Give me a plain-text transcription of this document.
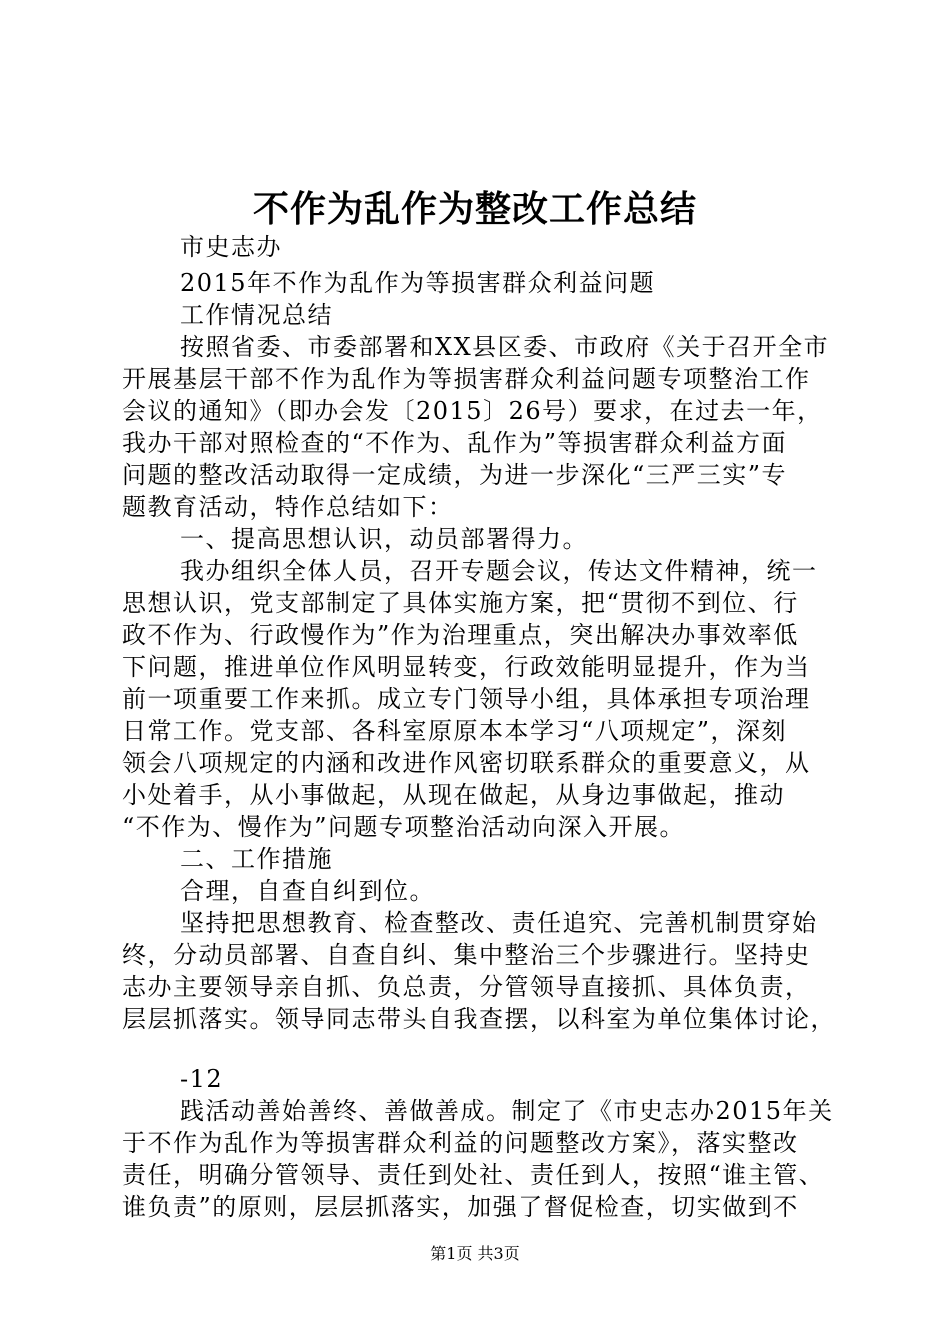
不作为乱作为整改工作总结
市史志办
2015年不作为乱作为等损害群众利益问题
工作情况总结
按照省委、市委部署和XX县区委、市政府《关于召开全市
开展基层干部不作为乱作为等损害群众利益问题专项整治工作
会议的通知》（即办会发〔2015〕26号）要求，在过去一年，
我办干部对照检查的“不作为、乱作为”等损害群众利益方面
问题的整改活动取得一定成绩，为进一步深化“三严三实”专
题教育活动，特作总结如下：
一、提高思想认识，动员部署得力。
我办组织全体人员，召开专题会议，传达文件精神，统一
思想认识，党支部制定了具体实施方案，把“贯彻不到位、行
政不作为、行政慢作为”作为治理重点，突出解决办事效率低
下问题，推进单位作风明显转变，行政效能明显提升，作为当
前一项重要工作来抓。成立专门领导小组，具体承担专项治理
日常工作。党支部、各科室原原本本学习“八项规定”，深刻
领会八项规定的内涵和改进作风密切联系群众的重要意义，从
小处着手，从小事做起，从现在做起，从身边事做起，推动
“不作为、慢作为”问题专项整治活动向深入开展。
二、工作措施
合理，自查自纠到位。
坚持把思想教育、检查整改、责任追究、完善机制贯穿始
终，分动员部署、自查自纠、集中整治三个步骤进行。坚持史
志办主要领导亲自抓、负总责，分管领导直接抓、具体负责，
层层抓落实。领导同志带头自我查摆，以科室为单位集体讨论，
-12
践活动善始善终、善做善成。制定了《市史志办2015年关
于不作为乱作为等损害群众利益的问题整改方案》，落实整改
责任，明确分管领导、责任到处社、责任到人，按照“谁主管、
谁负责”的原则，层层抓落实，加强了督促检查，切实做到不
第1页 共3页
